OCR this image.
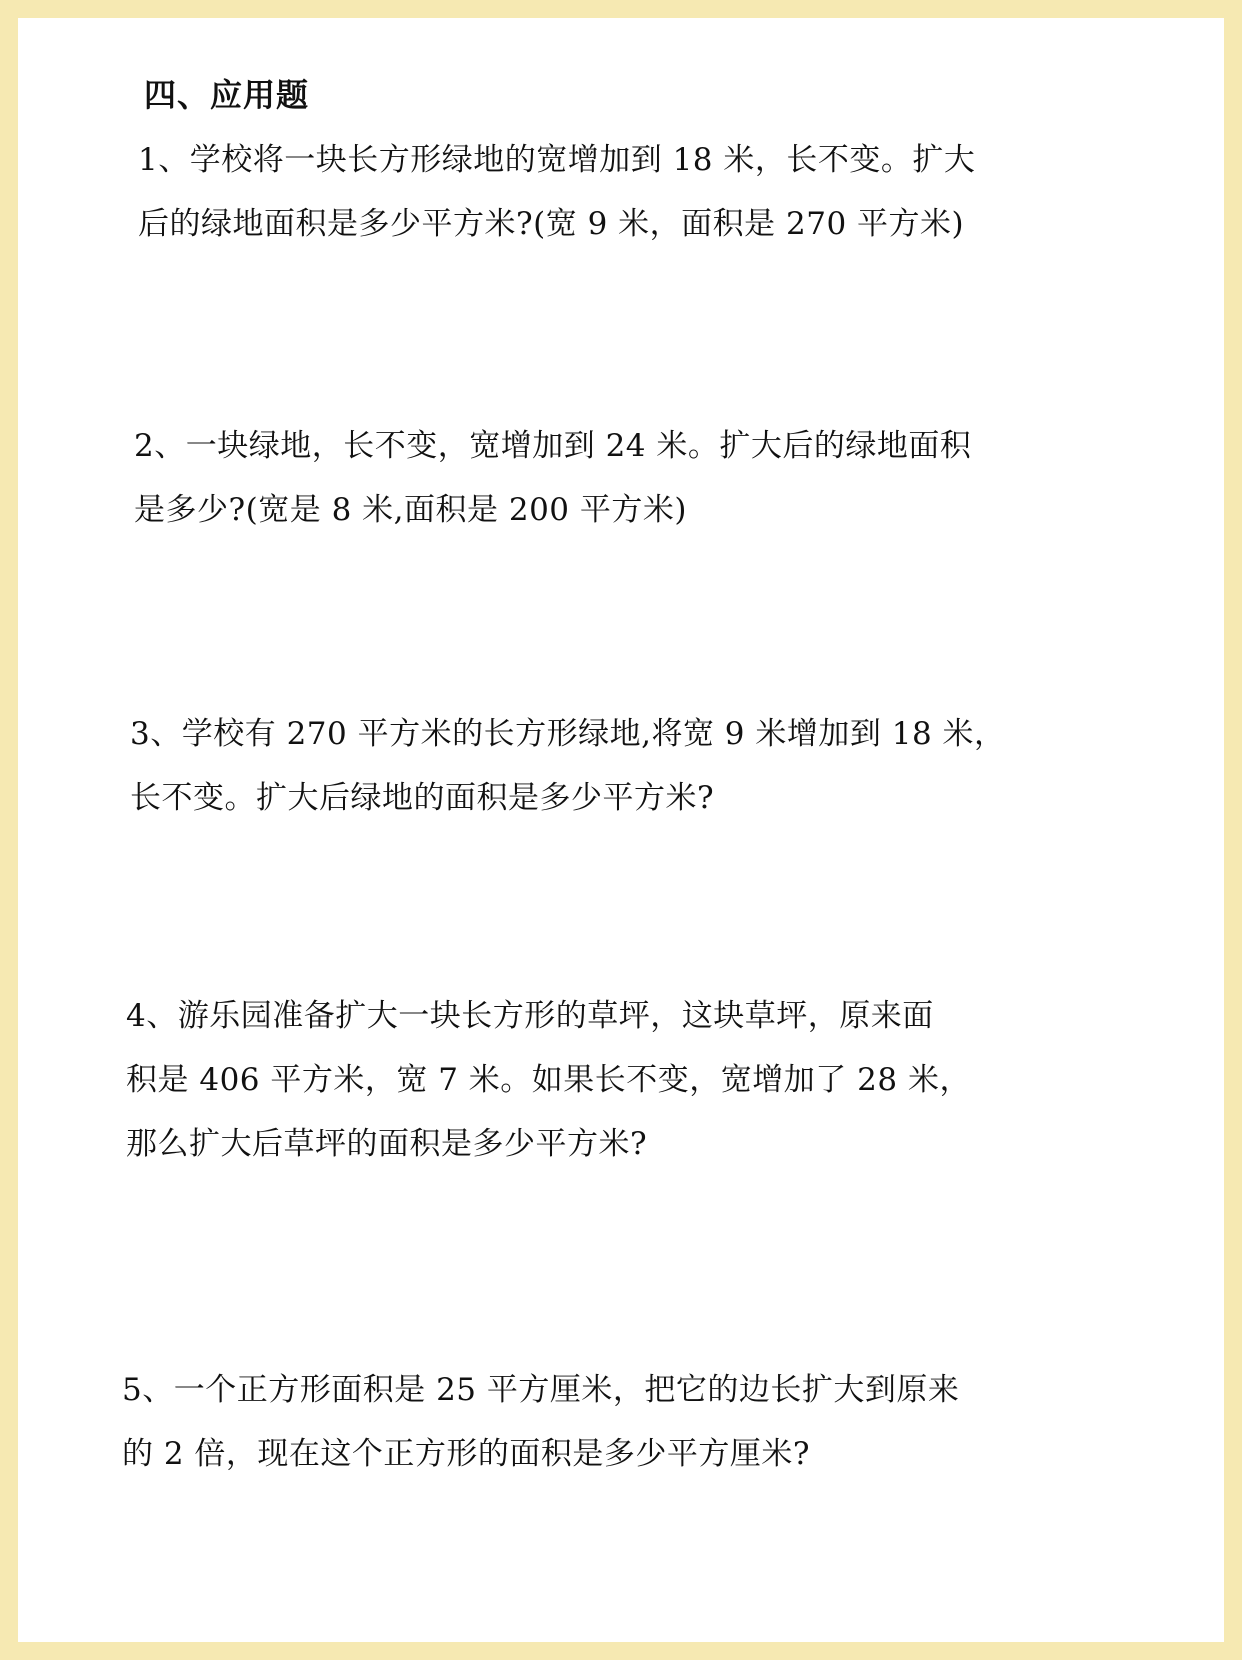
四、应用题
1、学校将一块长方形绿地的宽增加到 18 米，长不变。扩大
后的绿地面积是多少平方米?(宽 9 米，面积是 270 平方米)
2、一块绿地，长不变，宽增加到 24 米。扩大后的绿地面积
是多少?(宽是 8 米,面积是 200 平方米)
3、学校有 270 平方米的长方形绿地,将宽 9 米增加到 18 米，
长不变。扩大后绿地的面积是多少平方米?
4、游乐园准备扩大一块长方形的草坪，这块草坪，原来面
积是 406 平方米，宽 7 米。如果长不变，宽增加了 28 米，
那么扩大后草坪的面积是多少平方米?
5、一个正方形面积是 25 平方厘米，把它的边长扩大到原来
的 2 倍，现在这个正方形的面积是多少平方厘米?
